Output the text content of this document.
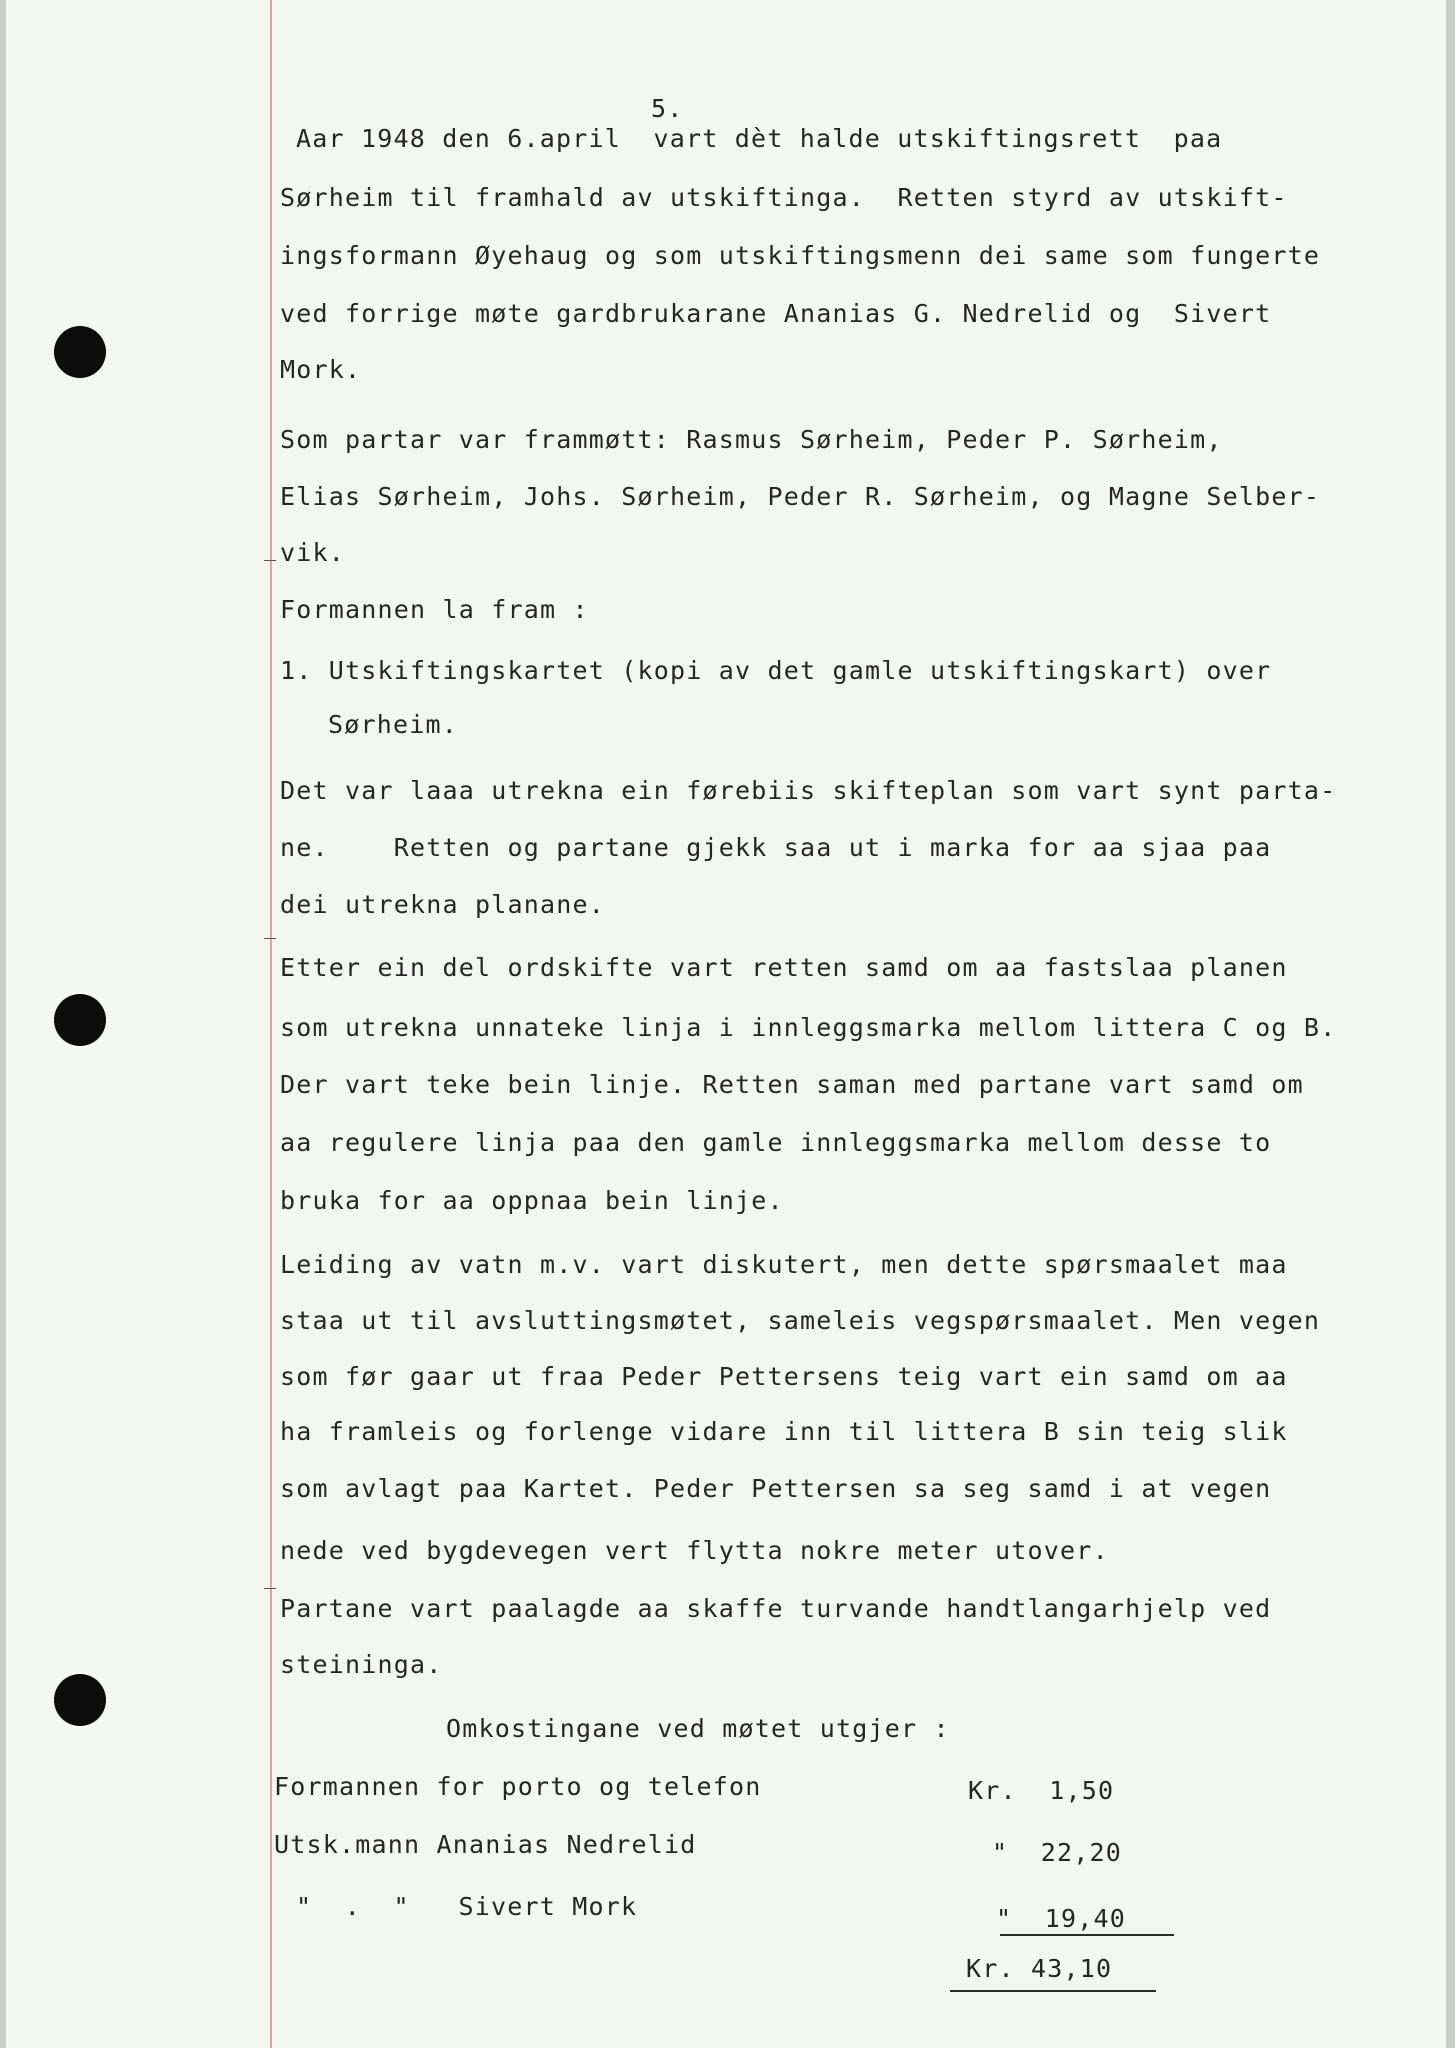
5.
Aar 1948 den 6.april  vart dèt halde utskiftingsrett  paa
Sørheim til framhald av utskiftinga.  Retten styrd av utskift-
ingsformann Øyehaug og som utskiftingsmenn dei same som fungerte
ved forrige møte gardbrukarane Ananias G. Nedrelid og  Sivert
Mork.
Som partar var frammøtt: Rasmus Sørheim, Peder P. Sørheim,
Elias Sørheim, Johs. Sørheim, Peder R. Sørheim, og Magne Selber-
vik.
Formannen la fram :
1. Utskiftingskartet (kopi av det gamle utskiftingskart) over
Sørheim.
Det var laaa utrekna ein førebiis skifteplan som vart synt parta-
ne.    Retten og partane gjekk saa ut i marka for aa sjaa paa
dei utrekna planane.
Etter ein del ordskifte vart retten samd om aa fastslaa planen
som utrekna unnateke linja i innleggsmarka mellom littera C og B.
Der vart teke bein linje. Retten saman med partane vart samd om
aa regulere linja paa den gamle innleggsmarka mellom desse to
bruka for aa oppnaa bein linje.
Leiding av vatn m.v. vart diskutert, men dette spørsmaalet maa
staa ut til avsluttingsmøtet, sameleis vegspørsmaalet. Men vegen
som før gaar ut fraa Peder Pettersens teig vart ein samd om aa
ha framleis og forlenge vidare inn til littera B sin teig slik
som avlagt paa Kartet. Peder Pettersen sa seg samd i at vegen
nede ved bygdevegen vert flytta nokre meter utover.
Partane vart paalagde aa skaffe turvande handtlangarhjelp ved
steininga.
Omkostingane ved møtet utgjer :
Formannen for porto og telefon	Kr.  1,50
Utsk.mann Ananias Nedrelid	"  22,20
"  .  "   Sivert Mork	"  19,40
Kr. 43,10
